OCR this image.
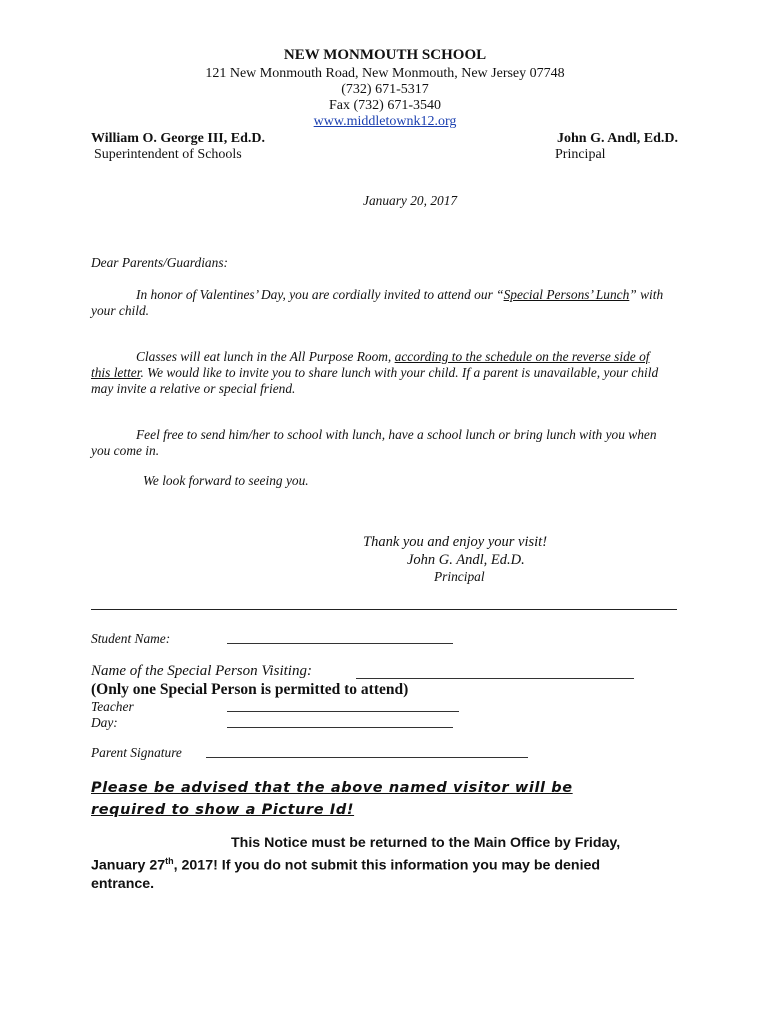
NEW MONMOUTH SCHOOL
121 New Monmouth Road, New Monmouth, New Jersey 07748
(732) 671-5317
Fax (732) 671-3540
www.middletownk12.org
William O. George III, Ed.D.
Superintendent of Schools
John G. Andl, Ed.D.
Principal
January 20, 2017
Dear Parents/Guardians:
In honor of Valentines’ Day, you are cordially invited to attend our “Special Persons’ Lunch” with your child.
Classes will eat lunch in the All Purpose Room, according to the schedule on the reverse side of this letter. We would like to invite you to share lunch with your child. If a parent is unavailable, your child may invite a relative or special friend.
Feel free to send him/her to school with lunch, have a school lunch or bring lunch with you when you come in.
We look forward to seeing you.
Thank you and enjoy your visit!
John G. Andl, Ed.D.
Principal
Student Name:
Name of the Special Person Visiting:
(Only one Special Person is permitted to attend)
Teacher
Day:
Parent Signature
Please be advised that the above named visitor will be required to show a Picture Id!
This Notice must be returned to the Main Office by Friday,
January 27th, 2017! If you do not submit this information you may be denied
entrance.
